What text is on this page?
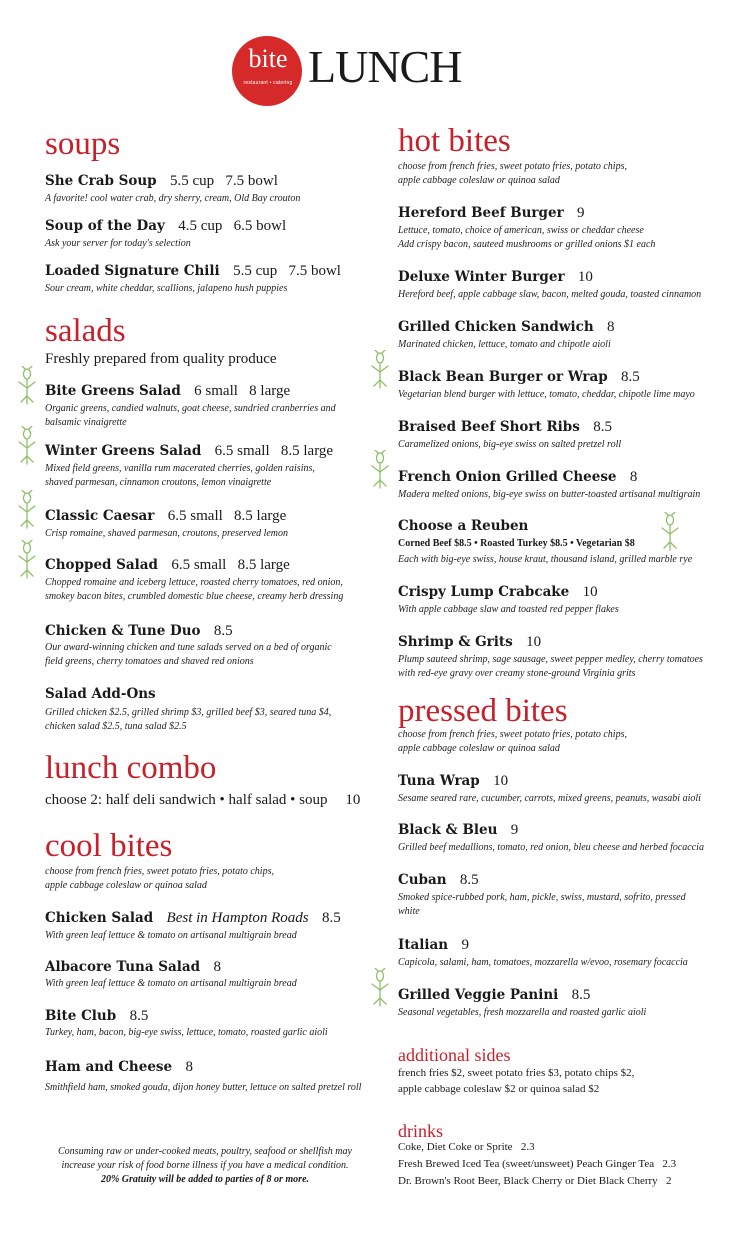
bite
restaurant • catering LUNCH
soups
She Crab Soup 5.5 cup   7.5 bowl
A favorite! cool water crab, dry sherry, cream, Old Bay crouton
Soup of the Day 4.5 cup   6.5 bowl
Ask your server for today's selection
Loaded Signature Chili 5.5 cup   7.5 bowl
Sour cream, white cheddar, scallions, jalapeno hush puppies
salads
Freshly prepared from quality produce
Bite Greens Salad 6 small   8 large
Organic greens, candied walnuts, goat cheese, sundried cranberries and
balsamic vinaigrette
Winter Greens Salad 6.5 small   8.5 large
Mixed field greens, vanilla rum macerated cherries, golden raisins,
shaved parmesan, cinnamon croutons, lemon vinaigrette
Classic Caesar 6.5 small   8.5 large
Crisp romaine, shaved parmesan, croutons, preserved lemon
Chopped Salad 6.5 small   8.5 large
Chopped romaine and iceberg lettuce, roasted cherry tomatoes, red onion,
smokey bacon bites, crumbled domestic blue cheese, creamy herb dressing
Chicken & Tune Duo 8.5
Our award-winning chicken and tune salads served on a bed of organic
field greens, cherry tomatoes and shaved red onions
Salad Add-Ons
Grilled chicken $2.5, grilled shrimp $3, grilled beef $3, seared tuna $4,
chicken salad $2.5, tuna salad $2.5
lunch combo
choose 2: half deli sandwich • half salad • soup 10
cool bites
choose from french fries, sweet potato fries, potato chips,
apple cabbage coleslaw or quinoa salad
Chicken Salad Best in Hampton Roads 8.5
With green leaf lettuce & tomato on artisanal multigrain bread
Albacore Tuna Salad 8
With green leaf lettuce & tomato on artisanal multigrain bread
Bite Club 8.5
Turkey, ham, bacon, big-eye swiss, lettuce, tomato, roasted garlic aioli
Ham and Cheese 8
Smithfield ham, smoked gouda, dijon honey butter, lettuce on salted pretzel roll
Consuming raw or under-cooked meats, poultry, seafood or shellfish may
increase your risk of food borne illness if you have a medical condition.
20% Gratuity will be added to parties of 8 or more.
hot bites
choose from french fries, sweet potato fries, potato chips,
apple cabbage coleslaw or quinoa salad
Hereford Beef Burger 9
Lettuce, tomato, choice of american, swiss or cheddar cheese
Add crispy bacon, sauteed mushrooms or grilled onions $1 each
Deluxe Winter Burger 10
Hereford beef, apple cabbage slaw, bacon, melted gouda, toasted cinnamon
Grilled Chicken Sandwich 8
Marinated chicken, lettuce, tomato and chipotle aioli
Black Bean Burger or Wrap 8.5
Vegetarian blend burger with lettuce, tomato, cheddar, chipotle lime mayo
Braised Beef Short Ribs 8.5
Caramelized onions, big-eye swiss on salted pretzel roll
French Onion Grilled Cheese 8
Madera melted onions, big-eye swiss on butter-toasted artisanal multigrain
Choose a Reuben
Corned Beef $8.5 • Roasted Turkey $8.5 • Vegetarian $8
Each with big-eye swiss, house kraut, thousand island, grilled marble rye
Crispy Lump Crabcake 10
With apple cabbage slaw and toasted red pepper flakes
Shrimp & Grits 10
Plump sauteed shrimp, sage sausage, sweet pepper medley, cherry tomatoes
with red-eye gravy over creamy stone-ground Virginia grits
pressed bites
choose from french fries, sweet potato fries, potato chips,
apple cabbage coleslaw or quinoa salad
Tuna Wrap 10
Sesame seared rare, cucumber, carrots, mixed greens, peanuts, wasabi aioli
Black & Bleu 9
Grilled beef medallions, tomato, red onion, bleu cheese and herbed focaccia
Cuban 8.5
Smoked spice-rubbed pork, ham, pickle, swiss, mustard, sofrito, pressed
white
Italian 9
Capicola, salami, ham, tomatoes, mozzarella w/evoo, rosemary focaccia
Grilled Veggie Panini 8.5
Seasonal vegetables, fresh mozzarella and roasted garlic aioli
additional sides
french fries $2, sweet potato fries $3, potato chips $2,
apple cabbage coleslaw $2 or quinoa salad $2
drinks
Coke, Diet Coke or Sprite 2.3
Fresh Brewed Iced Tea (sweet/unsweet) Peach Ginger Tea 2.3
Dr. Brown's Root Beer, Black Cherry or Diet Black Cherry 2
